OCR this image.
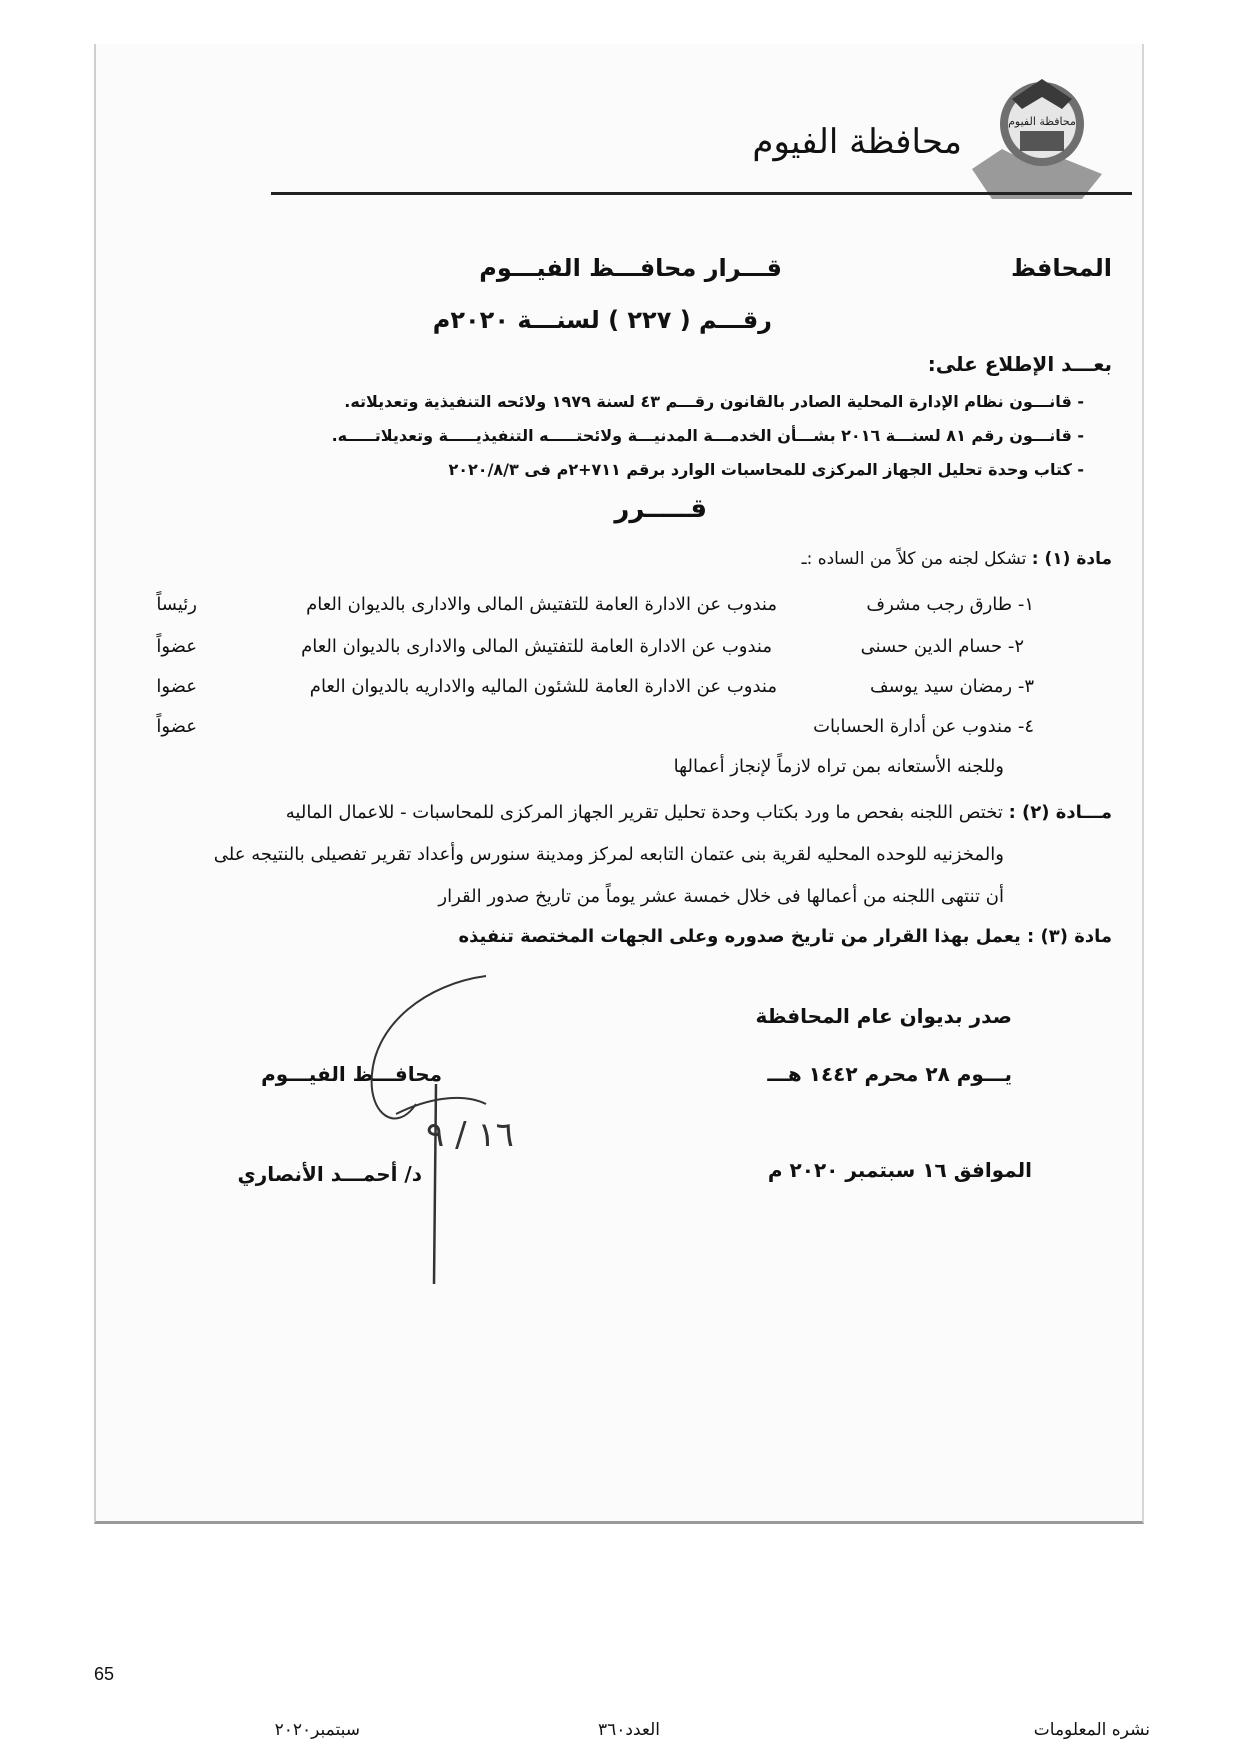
محافظة الفيوم
محافظة الفيوم
المحافظ
قـــرار محافـــظ الفيـــوم
رقـــم ( ٢٢٧ ) لسنـــة ٢٠٢٠م
بعـــد الإطلاع على:
- قانـــون نظام الإدارة المحلية الصادر بالقانون رقـــم ٤٣ لسنة ١٩٧٩ ولائحه التنفيذية وتعديلاته.
- قانـــون رقم ٨١ لسنـــة ٢٠١٦ بشـــأن الخدمـــة المدنيـــة ولائحتـــــه التنفيذيـــــة وتعديلاتـــــه.
- كتاب وحدة تحليل الجهاز المركزى للمحاسبات الوارد برقم ٧١١+٢م فى ٢٠٢٠/٨/٣
قـــــرر
مادة (١) : تشكل لجنه من كلاً من الساده :ـ
١- طارق رجب مشرف
مندوب عن الادارة العامة للتفتيش المالى والادارى بالديوان العام
رئيساً
٢- حسام الدين حسنى
مندوب عن الادارة العامة للتفتيش المالى والادارى بالديوان العام
عضواً
٣- رمضان سيد يوسف
مندوب عن الادارة العامة للشئون الماليه والاداريه بالديوان العام
عضوا
٤- مندوب عن أدارة الحسابات
عضواً
وللجنه الأستعانه بمن تراه لازماً لإنجاز أعمالها
مـــادة (٢) : تختص اللجنه بفحص ما ورد بكتاب وحدة تحليل تقرير الجهاز المركزى للمحاسبات - للاعمال الماليه
والمخزنيه للوحده المحليه لقرية بنى عتمان التابعه لمركز ومدينة سنورس وأعداد تقرير تفصيلى بالنتيجه على
أن تنتهى اللجنه من أعمالها فى خلال خمسة عشر يوماً من تاريخ صدور القرار
مادة (٣) : يعمل بهذا القرار من تاريخ صدوره وعلى الجهات المختصة تنفيذه
صدر بديوان عام المحافظة
يـــوم ٢٨ محرم ١٤٤٢ هـــ
الموافق ١٦ سبتمبر ٢٠٢٠ م
محافـــظ الفيـــوم
د/ أحمـــد الأنصاري
١٦ / ٩
65
نشره المعلومات
العدد٣٦٠
سبتمبر٢٠٢٠
